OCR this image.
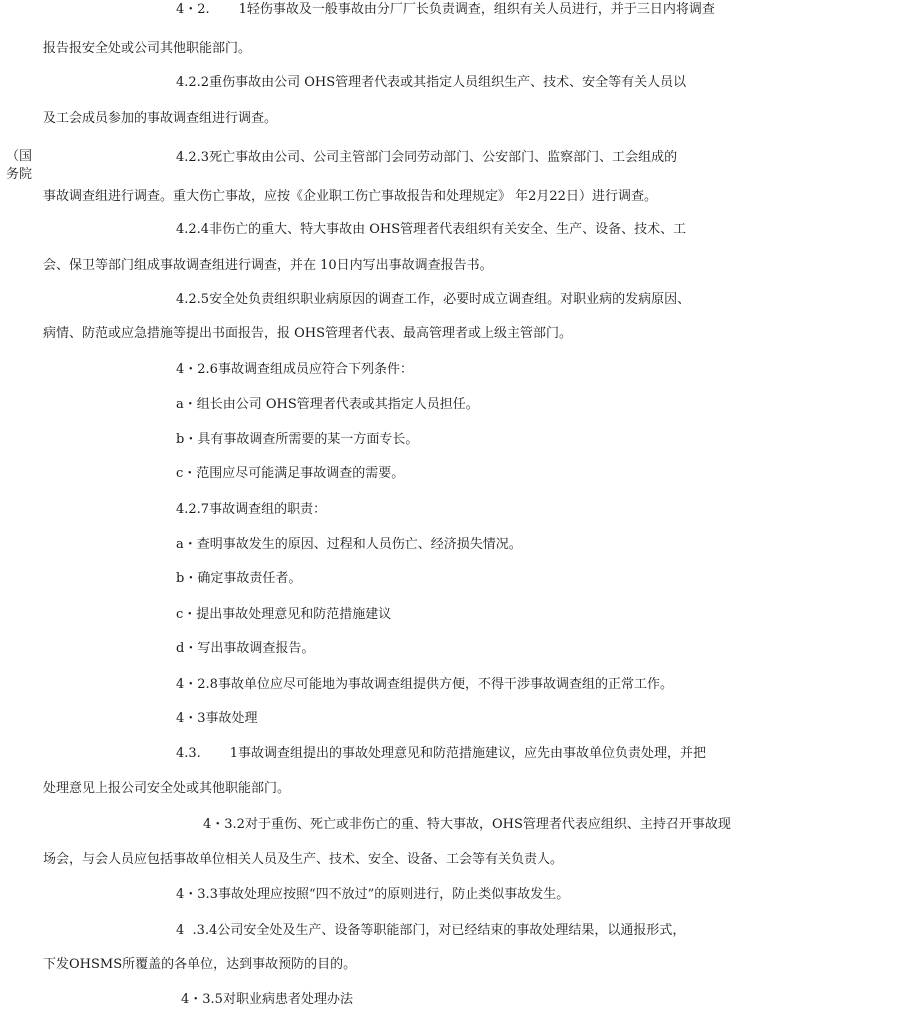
（国
务院
4・2.       1轻伤事故及一般事故由分厂厂长负责调查，组织有关人员进行，并于三日内将调查
报告报安全处或公司其他职能部门。
4.2.2重伤事故由公司 OHS管理者代表或其指定人员组织生产、技术、安全等有关人员以
及工会成员参加的事故调查组进行调查。
4.2.3死亡事故由公司、公司主管部门会同劳动部门、公安部门、监察部门、工会组成的
事故调查组进行调查。重大伤亡事故，应按《企业职工伤亡事故报告和处理规定》 年2月22日）进行调查。
4.2.4非伤亡的重大、特大事故由 OHS管理者代表组织有关安全、生产、设备、技术、工
会、保卫等部门组成事故调查组进行调查，并在 10日内写出事故调查报告书。
4.2.5安全处负责组织职业病原因的调查工作，必要时成立调查组。对职业病的发病原因、
病情、防范或应急措施等提出书面报告，报 OHS管理者代表、最高管理者或上级主管部门。
4・2.6事故调查组成员应符合下列条件：
a・组长由公司 OHS管理者代表或其指定人员担任。
b・具有事故调查所需要的某一方面专长。
c・范围应尽可能满足事故调查的需要。
4.2.7事故调查组的职责：
a・查明事故发生的原因、过程和人员伤亡、经济损失情况。
b・确定事故责任者。
c・提出事故处理意见和防范措施建议
d・写出事故调查报告。
4・2.8事故单位应尽可能地为事故调查组提供方便，不得干涉事故调查组的正常工作。
4・3事故处理
4.3.       1事故调查组提出的事故处理意见和防范措施建议，应先由事故单位负责处理，并把
处理意见上报公司安全处或其他职能部门。
4・3.2对于重伤、死亡或非伤亡的重、特大事故，OHS管理者代表应组织、主持召开事故现
场会，与会人员应包括事故单位相关人员及生产、技术、安全、设备、工会等有关负责人。
4・3.3事故处理应按照“四不放过”的原则进行，防止类似事故发生。
4  .3.4公司安全处及生产、设备等职能部门，对已经结束的事故处理结果，以通报形式，
下发OHSMS所覆盖的各单位，达到事故预防的目的。
4・3.5对职业病患者处理办法
